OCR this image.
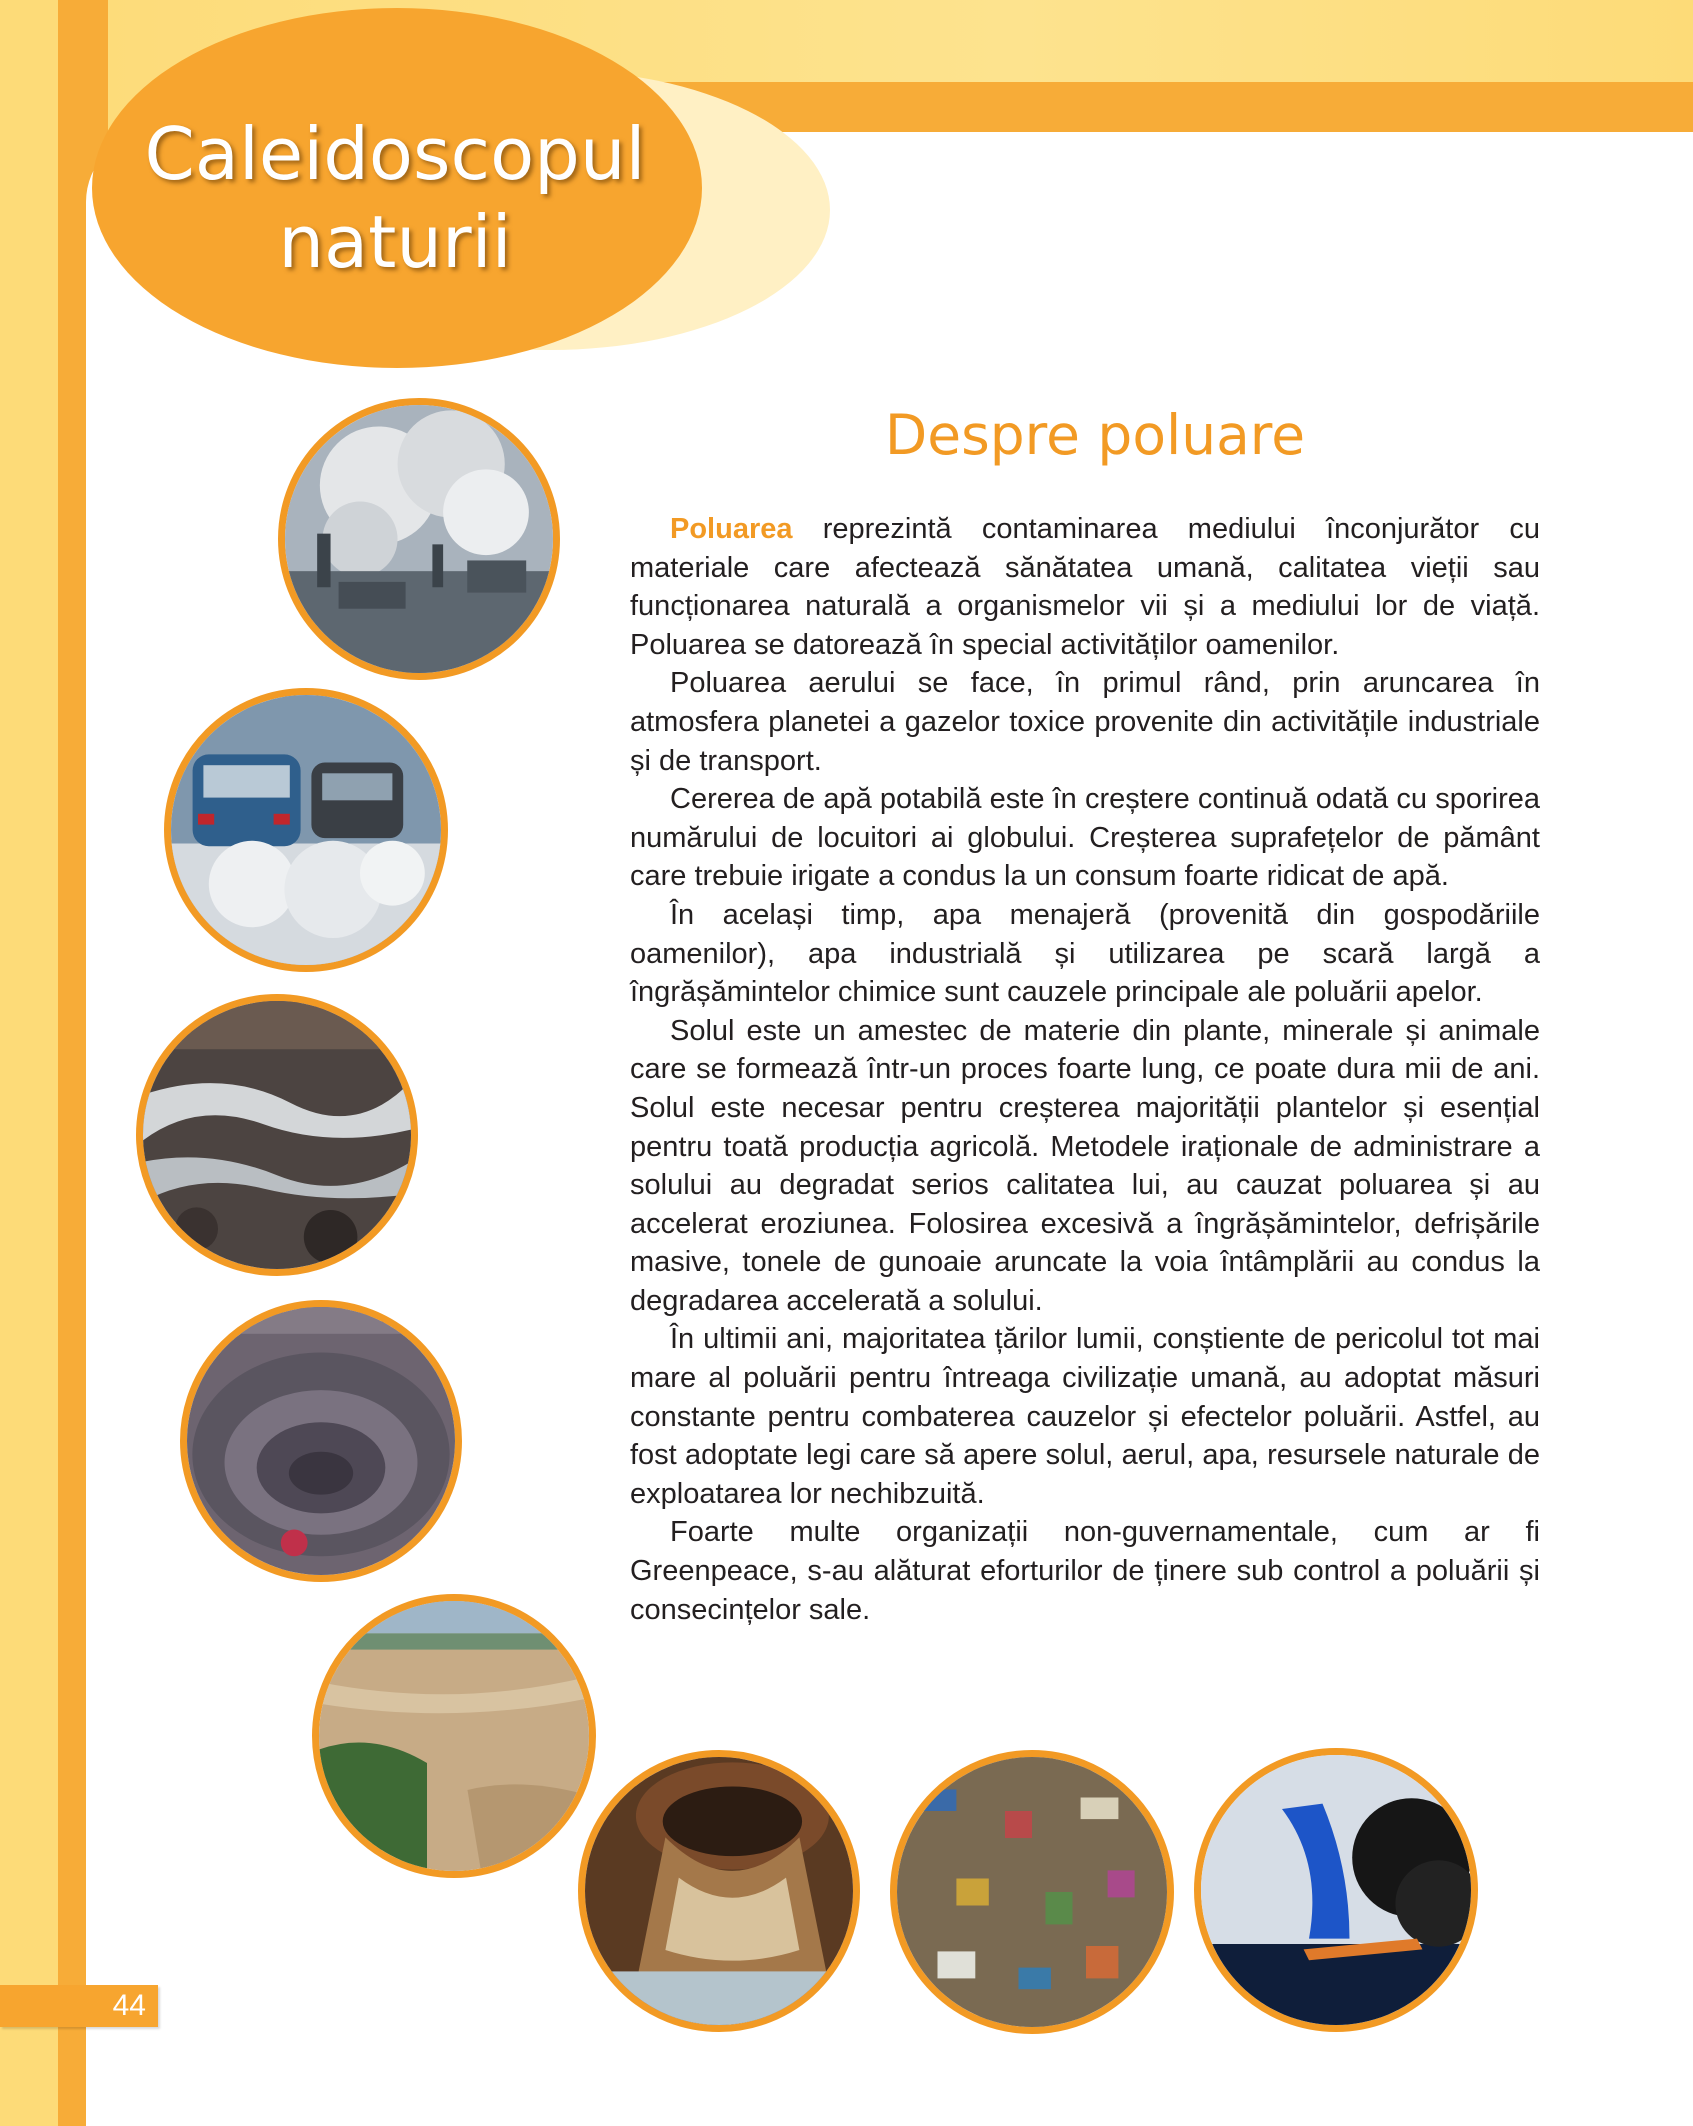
Caleidoscopul
naturii
44
Despre poluare

Poluarea reprezintă contaminarea mediului înconjurător cu materiale care afectează sănătatea umană, calitatea vieții sau funcționarea naturală a organismelor vii și a mediului lor de viață. Poluarea se datorează în special activităților oamenilor.

Poluarea aerului se face, în primul rând, prin aruncarea în atmosfera planetei a gazelor toxice provenite din activitățile industriale și de transport.

Cererea de apă potabilă este în creștere continuă odată cu sporirea numărului de locuitori ai globului. Creșterea suprafețelor de pământ care trebuie irigate a condus la un consum foarte ridicat de apă.

În același timp, apa menajeră (provenită din gospodăriile oamenilor), apa industrială și utilizarea pe scară largă a îngrășămintelor chimice sunt cauzele principale ale poluării apelor.

Solul este un amestec de materie din plante, minerale și animale care se formează într-un proces foarte lung, ce poate dura mii de ani. Solul este necesar pentru creșterea majorității plantelor și esențial pentru toată producția agricolă. Metodele iraționale de administrare a solului au degradat serios calitatea lui, au cauzat poluarea și au accelerat eroziunea. Folosirea excesivă a îngrășămintelor, defrișările masive, tonele de gunoaie aruncate la voia întâmplării au condus la degradarea accelerată a solului.

În ultimii ani, majoritatea țărilor lumii, conștiente de pericolul tot mai mare al poluării pentru întreaga civilizație umană, au adoptat măsuri constante pentru combaterea cauzelor și efectelor poluării. Astfel, au fost adoptate legi care să apere solul, aerul, apa, resursele naturale de exploatarea lor nechibzuită.

Foarte multe organizații non-guvernamentale, cum ar fi Greenpeace, s-au alăturat eforturilor de ținere sub control a poluării și consecințelor sale.
